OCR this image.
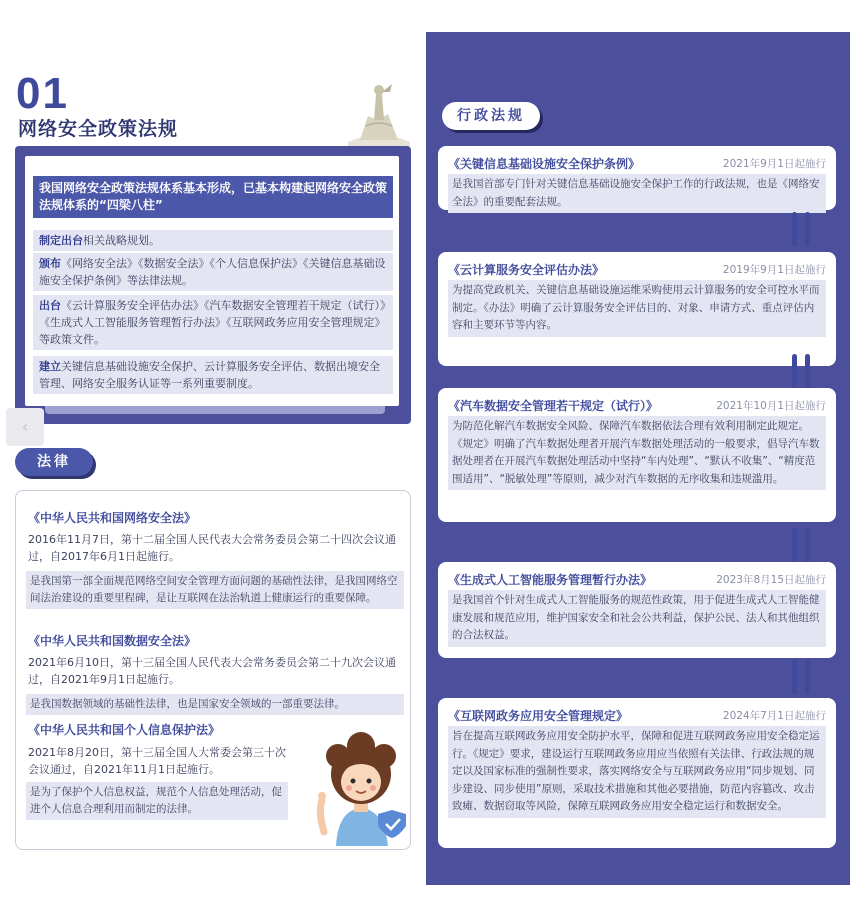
01
网络安全政策法规
我国网络安全政策法规体系基本形成，已基本构建起网络安全政策法规体系的“四梁八柱”
制定出台相关战略规划。
颁布《网络安全法》《数据安全法》《个人信息保护法》《关键信息基础设施安全保护条例》等法律法规。
出台《云计算服务安全评估办法》《汽车数据安全管理若干规定（试行）》《生成式人工智能服务管理暂行办法》《互联网政务应用安全管理规定》等政策文件。
建立关键信息基础设施安全保护、云计算服务安全评估、数据出境安全管理、网络安全服务认证等一系列重要制度。
‹
法律
《中华人民共和国网络安全法》
2016年11月7日，第十二届全国人民代表大会常务委员会第二十四次会议通过，自2017年6月1日起施行。
是我国第一部全面规范网络空间安全管理方面问题的基础性法律，是我国网络空间法治建设的重要里程碑，是让互联网在法治轨道上健康运行的重要保障。
《中华人民共和国数据安全法》
2021年6月10日，第十三届全国人民代表大会常务委员会第二十九次会议通过，自2021年9月1日起施行。
是我国数据领域的基础性法律，也是国家安全领域的一部重要法律。
《中华人民共和国个人信息保护法》
2021年8月20日，第十三届全国人大常委会第三十次会议通过，自2021年11月1日起施行。
是为了保护个人信息权益，规范个人信息处理活动，促进个人信息合理利用而制定的法律。
行政法规
《关键信息基础设施安全保护条例》	2021年9月1日起施行
是我国首部专门针对关键信息基础设施安全保护工作的行政法规，也是《网络安全法》的重要配套法规。
《云计算服务安全评估办法》	2019年9月1日起施行
为提高党政机关、关键信息基础设施运维采购使用云计算服务的安全可控水平而制定。《办法》明确了云计算服务安全评估目的、对象、申请方式、重点评估内容和主要环节等内容。
《汽车数据安全管理若干规定（试行）》	2021年10月1日起施行
为防范化解汽车数据安全风险、保障汽车数据依法合理有效利用制定此规定。《规定》明确了汽车数据处理者开展汽车数据处理活动的一般要求，倡导汽车数据处理者在开展汽车数据处理活动中坚持“车内处理”、“默认不收集”、“精度范围适用”、“脱敏处理”等原则，减少对汽车数据的无序收集和违规滥用。
《生成式人工智能服务管理暂行办法》	2023年8月15日起施行
是我国首个针对生成式人工智能服务的规范性政策，用于促进生成式人工智能健康发展和规范应用，维护国家安全和社会公共利益，保护公民、法人和其他组织的合法权益。
《互联网政务应用安全管理规定》	2024年7月1日起施行
旨在提高互联网政务应用安全防护水平，保障和促进互联网政务应用安全稳定运行。《规定》要求，建设运行互联网政务应用应当依照有关法律、行政法规的规定以及国家标准的强制性要求，落实网络安全与互联网政务应用“同步规划、同步建设、同步使用”原则，采取技术措施和其他必要措施，防范内容篡改、攻击致瘫、数据窃取等风险，保障互联网政务应用安全稳定运行和数据安全。
